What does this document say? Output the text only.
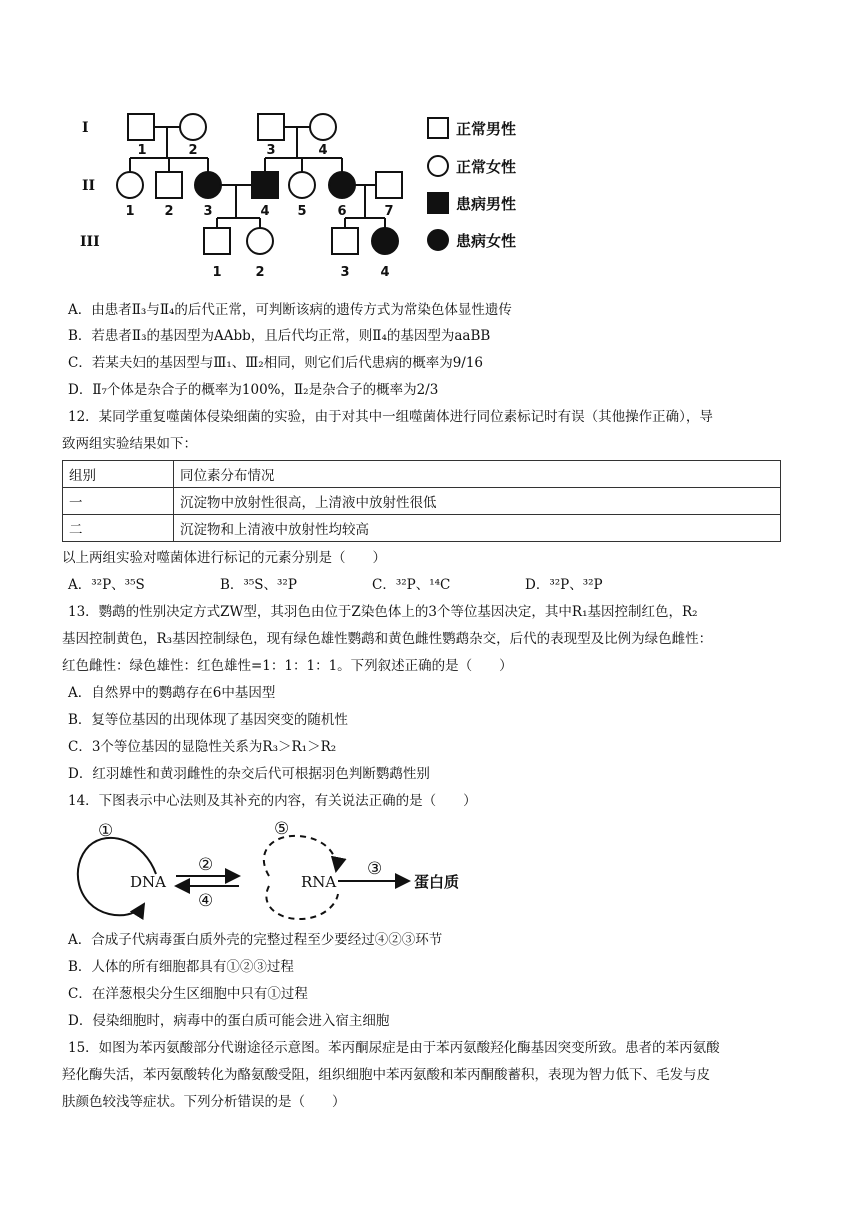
I
II
III
1	2	3	4
1 2 3	4 5 6	7
1	2	3 4
正常男性
正常女性
患病男性
患病女性
A．由患者Ⅱ₃与Ⅱ₄的后代正常，可判断该病的遗传方式为常染色体显性遗传
B．若患者Ⅱ₃的基因型为AAbb，且后代均正常，则Ⅱ₄的基因型为aaBB
C．若某夫妇的基因型与Ⅲ₁、Ⅲ₂相同，则它们后代患病的概率为9/16
D．Ⅱ₇个体是杂合子的概率为100%，Ⅱ₂是杂合子的概率为2/3
12．某同学重复噬菌体侵染细菌的实验，由于对其中一组噬菌体进行同位素标记时有误（其他操作正确），导
致两组实验结果如下：
组别	同位素分布情况
一	沉淀物中放射性很高，上清液中放射性很低
二	沉淀物和上清液中放射性均较高
以上两组实验对噬菌体进行标记的元素分别是（　　）
A．³²P、³⁵S	B．³⁵S、³²P	C．³²P、¹⁴C	D．³²P、³²P
13．鹦鹉的性别决定方式ZW型，其羽色由位于Z染色体上的3个等位基因决定，其中R₁基因控制红色，R₂
基因控制黄色，R₃基因控制绿色，现有绿色雄性鹦鹉和黄色雌性鹦鹉杂交，后代的表现型及比例为绿色雌性：
红色雌性：绿色雄性：红色雄性=1：1：1：1。下列叙述正确的是（　　）
A．自然界中的鹦鹉存在6中基因型
B．复等位基因的出现体现了基因突变的随机性
C．3个等位基因的显隐性关系为R₃＞R₁＞R₂
D．红羽雄性和黄羽雌性的杂交后代可根据羽色判断鹦鹉性别
14．下图表示中心法则及其补充的内容，有关说法正确的是（　　）
DNA	RNA	蛋白质
①
②	③
④
⑤
A．合成子代病毒蛋白质外壳的完整过程至少要经过④②③环节
B．人体的所有细胞都具有①②③过程
C．在洋葱根尖分生区细胞中只有①过程
D．侵染细胞时，病毒中的蛋白质可能会进入宿主细胞
15．如图为苯丙氨酸部分代谢途径示意图。苯丙酮尿症是由于苯丙氨酸羟化酶基因突变所致。患者的苯丙氨酸
羟化酶失活，苯丙氨酸转化为酪氨酸受阻，组织细胞中苯丙氨酸和苯丙酮酸蓄积，表现为智力低下、毛发与皮
肤颜色较浅等症状。下列分析错误的是（　　）
